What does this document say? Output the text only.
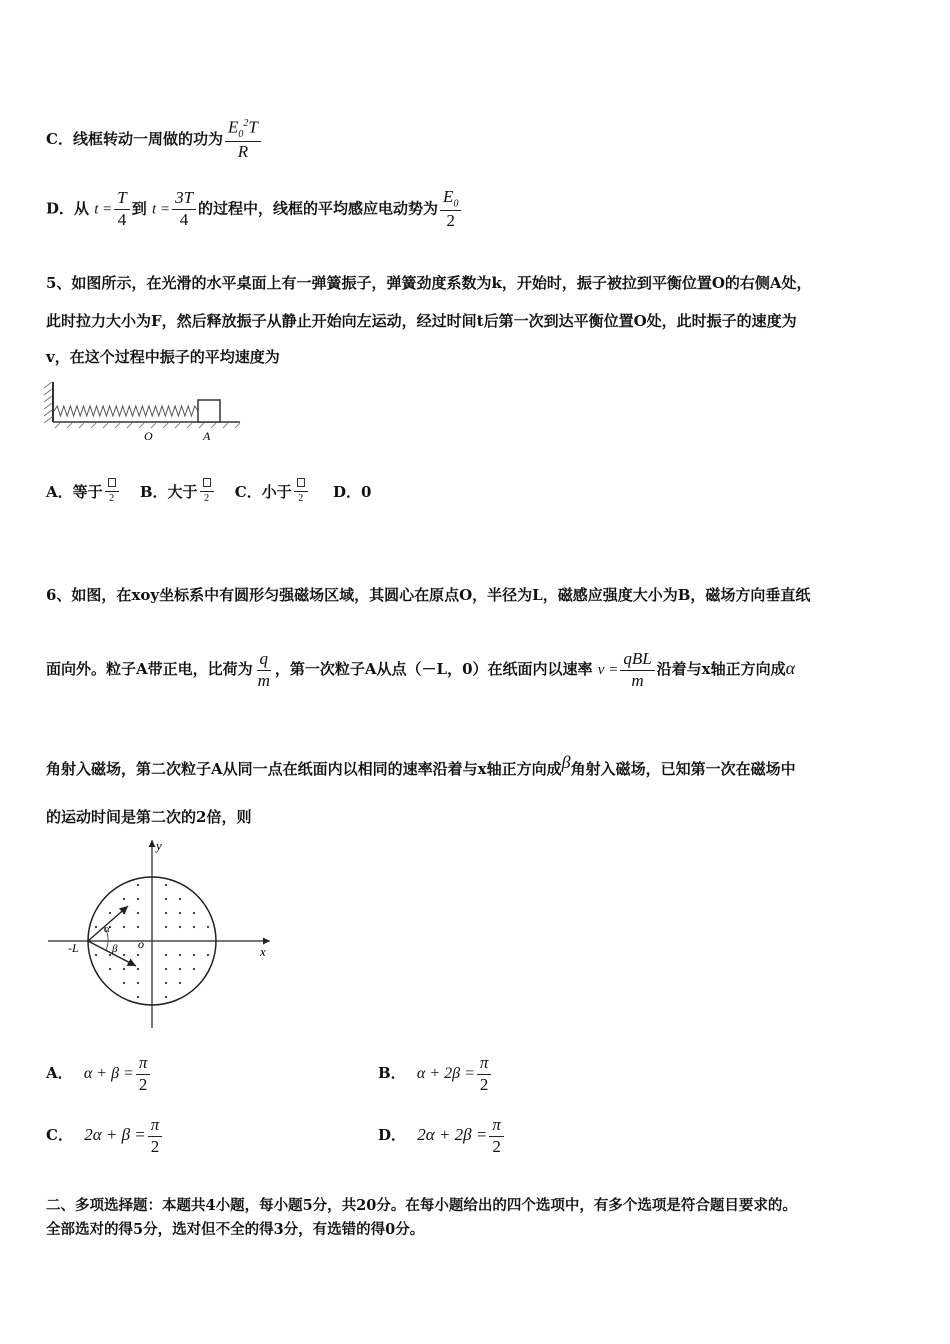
C．线框转动一周做的功为 $\frac{E_0^2T}{R}$
D．从 $t = \frac{T}{4}$ 到 $t = \frac{3T}{4}$ 的过程中，线框的平均感应电动势为 $\frac{E_0}{2}$
5、如图所示，在光滑的水平桌面上有一弹簧振子，弹簧劲度系数为k，开始时，振子被拉到平衡位置O的右侧A处，
此时拉力大小为F，然后释放振子从静止开始向左运动，经过时间t后第一次到达平衡位置O处，此时振子的速度为
v，在这个过程中振子的平均速度为
O	A
A．等于 2 B．大于 2 C．小于 2 D．0
6、如图，在xoy坐标系中有圆形匀强磁场区域，其圆心在原点O，半径为L，磁感应强度大小为B，磁场方向垂直纸
面向外。粒子A带正电，比荷为 $\frac{q}{m}$ ，第一次粒子A从点（－L，0）在纸面内以速率 $v = \frac{\text{qBL}}{m}$ 沿着与x轴正方向成α
角射入磁场，第二次粒子A从同一点在纸面内以相同的速率沿着与x轴正方向成β角射入磁场，已知第一次在磁场中
的运动时间是第二次的2倍，则
y
x
o
-L
α
β
A． $\alpha + \beta = \frac{\pi}{2}$	B． $\alpha + 2\beta = \frac{\pi}{2}$
C． $2\alpha + \beta = \frac{\pi}{2}$	D． $2\alpha + 2\beta = \frac{\pi}{2}$
二、多项选择题：本题共4小题，每小题5分，共20分。在每小题给出的四个选项中，有多个选项是符合题目要求的。
全部选对的得5分，选对但不全的得3分，有选错的得0分。
